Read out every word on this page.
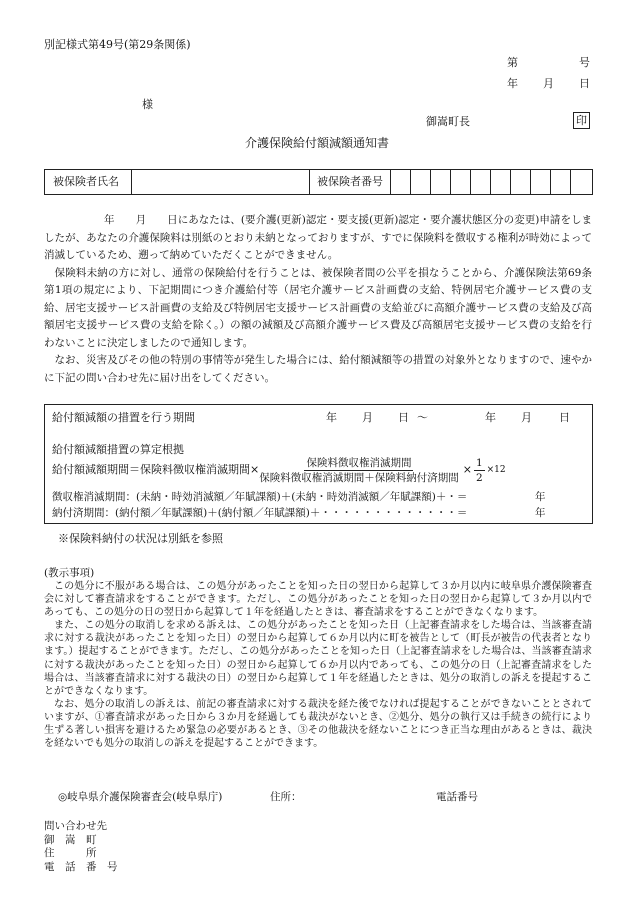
別記様式第49号(第29条関係)
第	号
年 月 日
様
御嵩町長	印
介護保険給付額減額通知書
被保険者氏名	被保険者番号

年　　月　　日にあなたは、(要介護(更新)認定・要支援(更新)認定・要介護状態区分の変更)申請をしましたが、あなたの介護保険料は別紙のとおり未納となっておりますが、すでに保険料を徴収する権利が時効によって消滅しているため、遡って納めていただくことができません。

保険料未納の方に対し、通常の保険給付を行うことは、被保険者間の公平を損なうことから、介護保険法第69条第1項の規定により、下記期間につき介護給付等（居宅介護サービス計画費の支給、特例居宅介護サービス費の支給、居宅支援サービス計画費の支給及び特例居宅支援サービス計画費の支給並びに高額介護サービス費の支給及び高額居宅支援サービス費の支給を除く。）の額の減額及び高額介護サービス費及び高額居宅支援サービス費の支給を行わないことに決定しましたので通知します。

なお、災害及びその他の特別の事情等が発生した場合には、給付額減額等の措置の対象外となりますので、速やかに下記の問い合わせ先に届け出をしてください。

給付額減額の措置を行う期間	年 月 日 ～	年 月 日
給付額減額措置の算定根拠
給付額減額期間＝保険料徴収権消滅期間× $\frac{\text{保険料徴収権消滅期間}}{\text{保険料徴収権消滅期間＋保険料納付済期間}} \times \frac{1}{2} \times 12$
徴収権消滅期間：(未納・時効消滅額／年賦課額)＋(未納・時効消滅額／年賦課額)＋・＝	年
納付済期間：(納付額／年賦課額)＋(納付額／年賦課額)＋・・・・・・・・・・・・・＝	年
※保険料納付の状況は別紙を参照
(教示事項)

この処分に不服がある場合は、この処分があったことを知った日の翌日から起算して３か月以内に岐阜県介護保険審査会に対して審査請求をすることができます。ただし、この処分があったことを知った日の翌日から起算して３か月以内であっても、この処分の日の翌日から起算して１年を経過したときは、審査請求をすることができなくなります。

また、この処分の取消しを求める訴えは、この処分があったことを知った日（上記審査請求をした場合は、当該審査請求に対する裁決があったことを知った日）の翌日から起算して６か月以内に町を被告として（町長が被告の代表者となります。）提起することができます。ただし、この処分があったことを知った日（上記審査請求をした場合は、当該審査請求に対する裁決があったことを知った日）の翌日から起算して６か月以内であっても、この処分の日（上記審査請求をした場合は、当該審査請求に対する裁決の日）の翌日から起算して１年を経過したときは、処分の取消しの訴えを提起することができなくなります。

なお、処分の取消しの訴えは、前記の審査請求に対する裁決を経た後でなければ提起することができないこととされていますが、①審査請求があった日から３か月を経過しても裁決がないとき、②処分、処分の執行又は手続きの続行により生ずる著しい損害を避けるため緊急の必要があるとき、③その他裁決を経ないことにつき正当な理由があるときは、裁決を経ないでも処分の取消しの訴えを提起することができます。

◎岐阜県介護保険審査会(岐阜県庁)	住所：	電話番号
問い合わせ先
御　嵩　町
住　　　所
電　話　番　号
